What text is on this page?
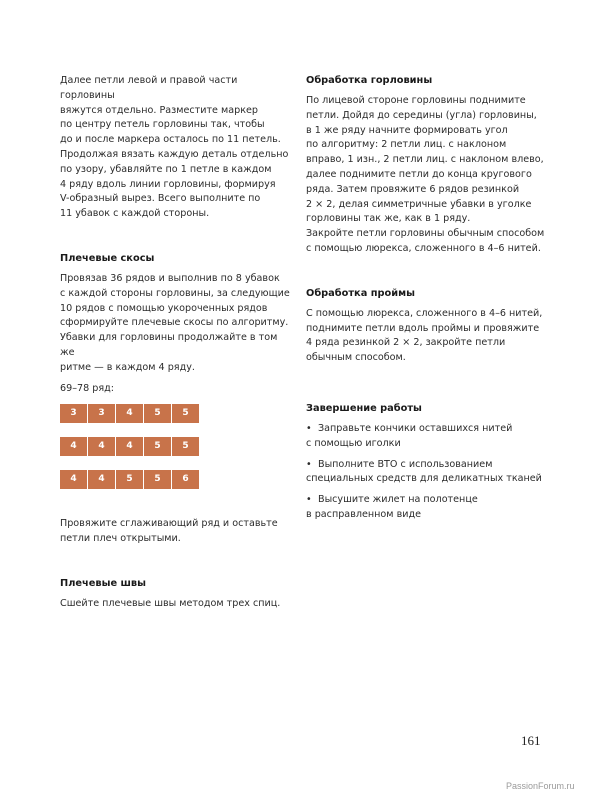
Далее петли левой и правой части горловины
вяжутся отдельно. Разместите маркер
по центру петель горловины так, чтобы
до и после маркера осталось по 11 петель.
Продолжая вязать каждую деталь отдельно
по узору, убавляйте по 1 петле в каждом
4 ряду вдоль линии горловины, формируя
V-образный вырез. Всего выполните по
11 убавок с каждой стороны.

Плечевые скосы

Провязав 36 рядов и выполнив по 8 убавок
с каждой стороны горловины, за следующие
10 рядов с помощью укороченных рядов
сформируйте плечевые скосы по алгоритму.
Убавки для горловины продолжайте в том же
ритме — в каждом 4 ряду.

69–78 ряд:

3	3	4	5	5
4	4	4	5	5
4	4	5	5	6

Провяжите сглаживающий ряд и оставьте
петли плеч открытыми.

Плечевые швы

Сшейте плечевые швы методом трех спиц.

Обработка горловины

По лицевой стороне горловины поднимите
петли. Дойдя до середины (угла) горловины,
в 1 же ряду начните формировать угол
по алгоритму: 2 петли лиц. с наклоном
вправо, 1 изн., 2 петли лиц. с наклоном влево,
далее поднимите петли до конца кругового
ряда. Затем провяжите 6 рядов резинкой
2 × 2, делая симметричные убавки в уголке
горловины так же, как в 1 ряду.
Закройте петли горловины обычным способом
с помощью люрекса, сложенного в 4–6 нитей.

Обработка проймы

С помощью люрекса, сложенного в 4–6 нитей,
поднимите петли вдоль проймы и провяжите
4 ряда резинкой 2 × 2, закройте петли
обычным способом.

Завершение работы
• Заправьте кончики оставшихся нитей
с помощью иголки
• Выполните ВТО с использованием
специальных средств для деликатных тканей
• Высушите жилет на полотенце
в расправленном виде
161
PassionForum.ru
